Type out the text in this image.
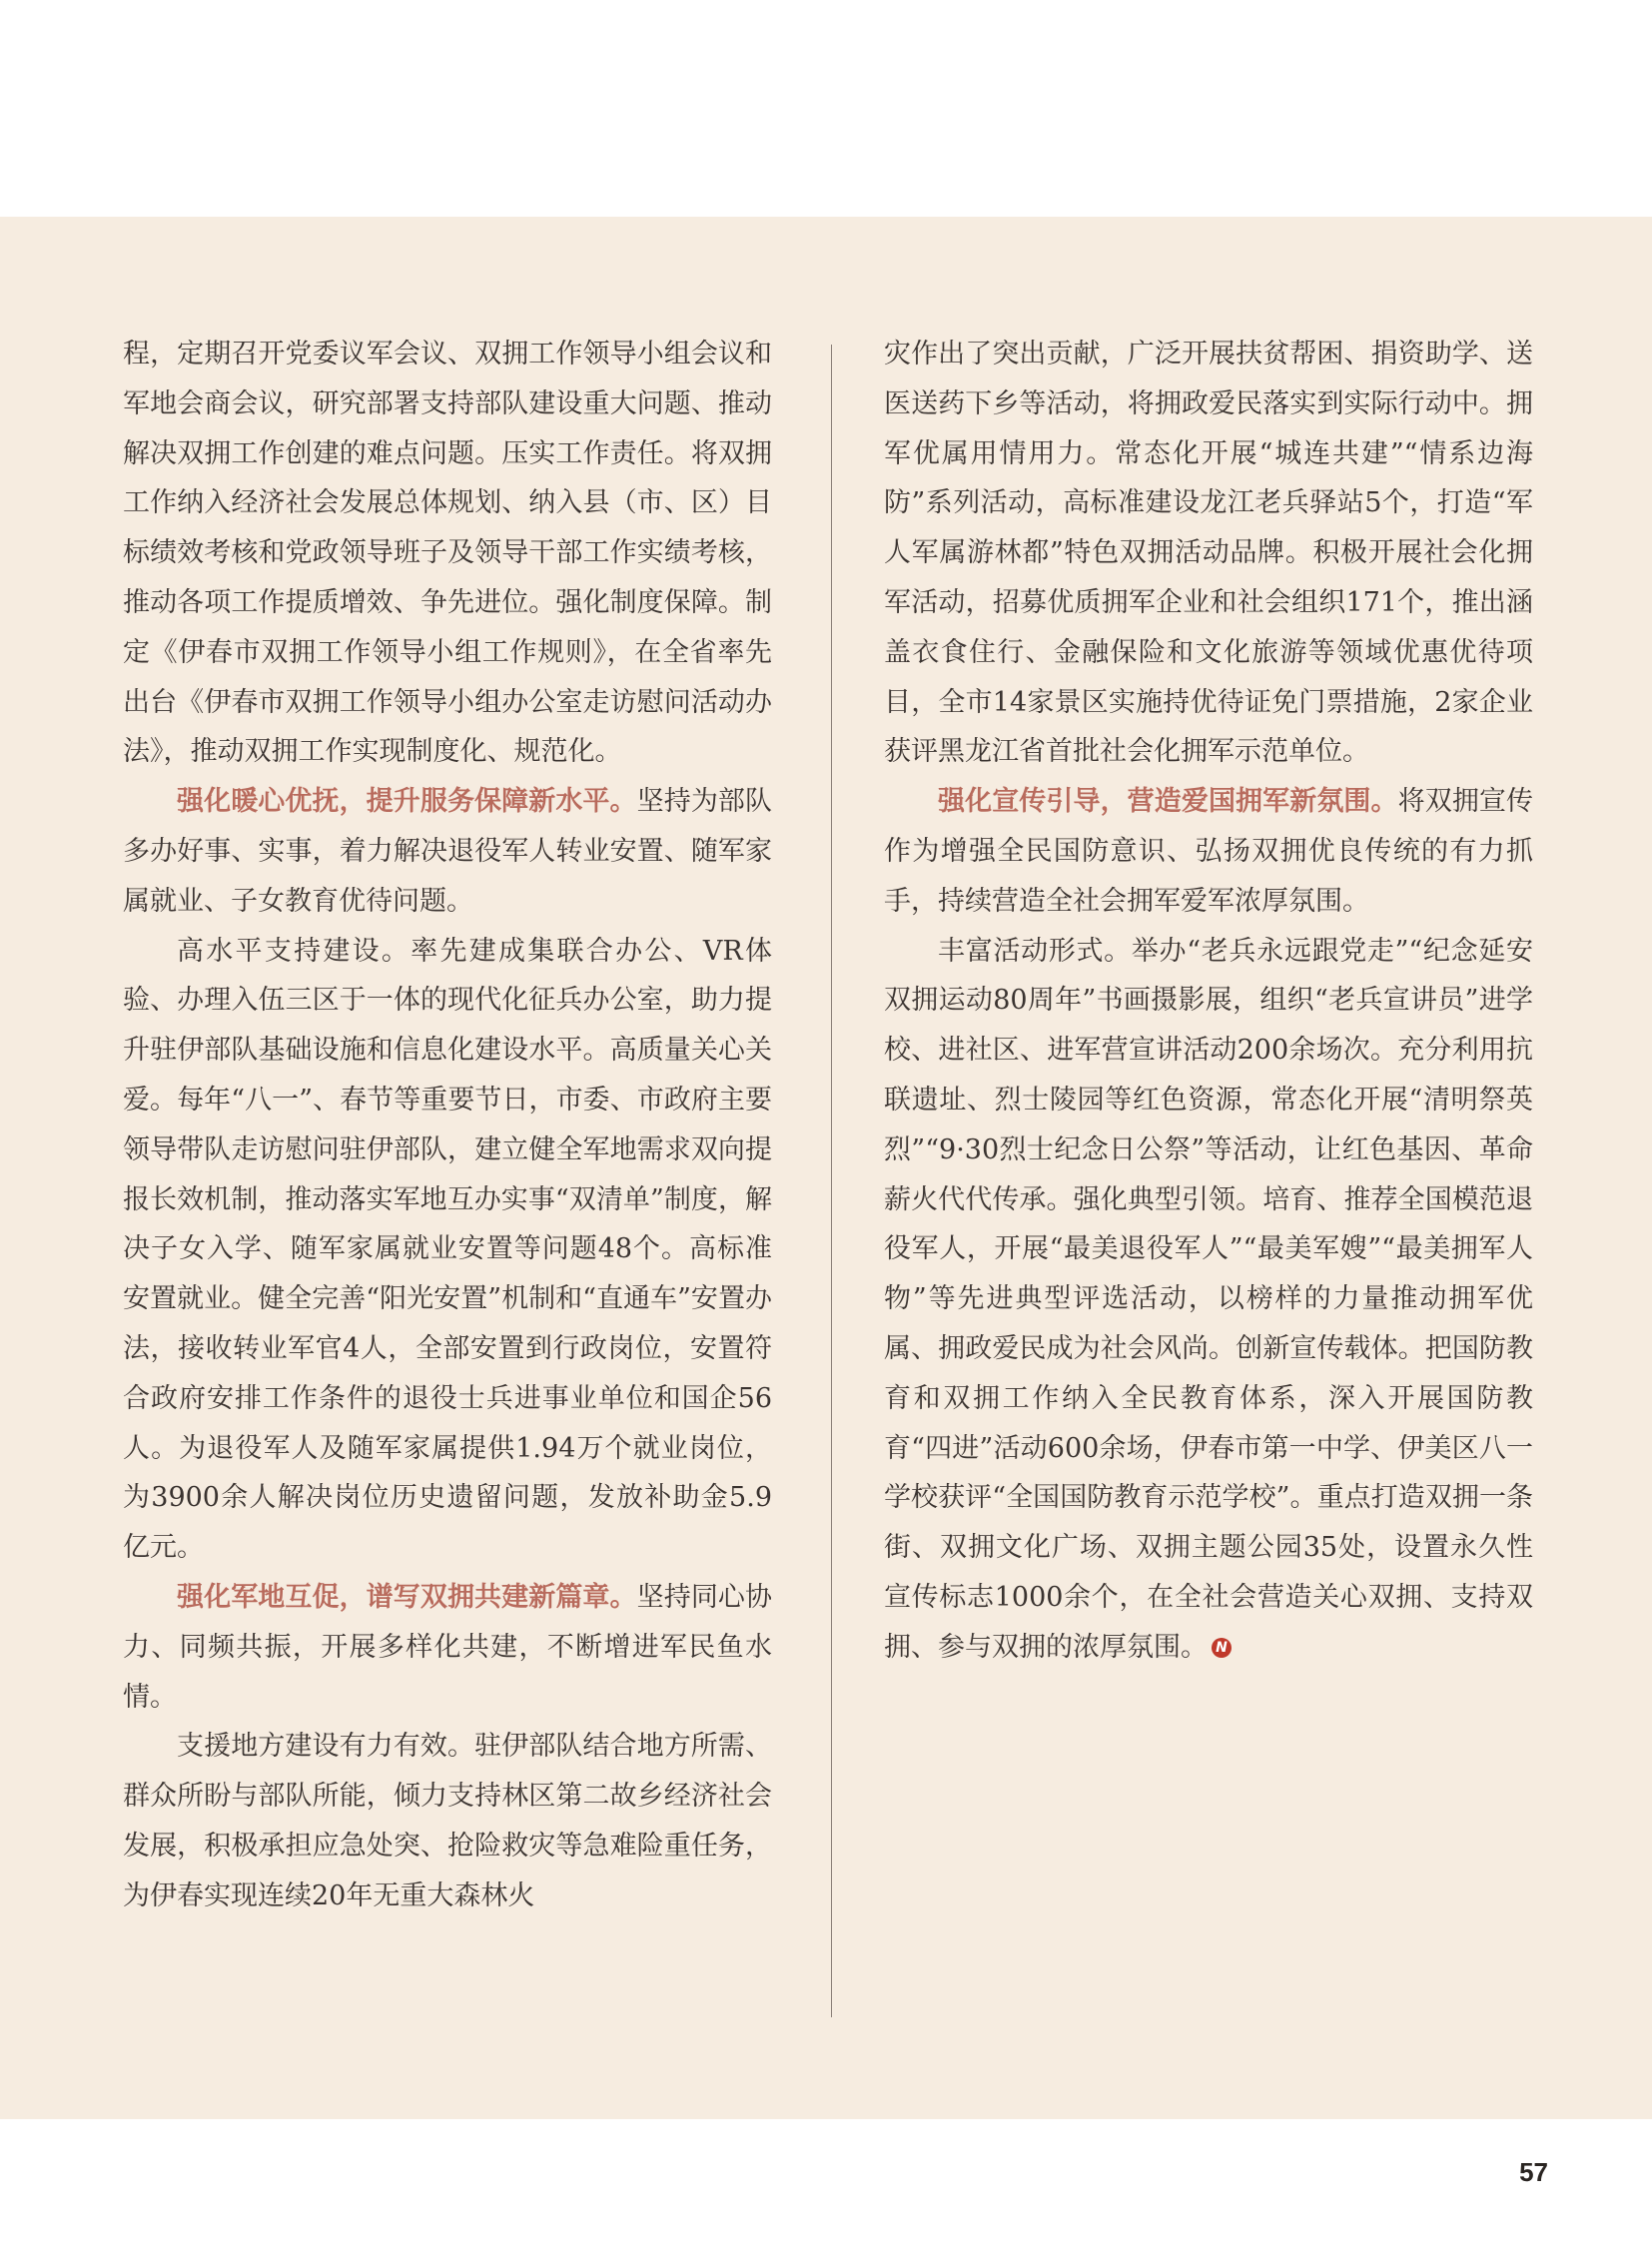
程，定期召开党委议军会议、双拥工作领导小组会议和军地会商会议，研究部署支持部队建设重大问题、推动解决双拥工作创建的难点问题。压实工作责任。将双拥工作纳入经济社会发展总体规划、纳入县（市、区）目标绩效考核和党政领导班子及领导干部工作实绩考核，推动各项工作提质增效、争先进位。强化制度保障。制定《伊春市双拥工作领导小组工作规则》，在全省率先出台《伊春市双拥工作领导小组办公室走访慰问活动办法》，推动双拥工作实现制度化、规范化。

强化暖心优抚，提升服务保障新水平。坚持为部队多办好事、实事，着力解决退役军人转业安置、随军家属就业、子女教育优待问题。

高水平支持建设。率先建成集联合办公、VR体验、办理入伍三区于一体的现代化征兵办公室，助力提升驻伊部队基础设施和信息化建设水平。高质量关心关爱。每年“八一”、春节等重要节日，市委、市政府主要领导带队走访慰问驻伊部队，建立健全军地需求双向提报长效机制，推动落实军地互办实事“双清单”制度，解决子女入学、随军家属就业安置等问题48个。高标准安置就业。健全完善“阳光安置”机制和“直通车”安置办法，接收转业军官4人，全部安置到行政岗位，安置符合政府安排工作条件的退役士兵进事业单位和国企56人。为退役军人及随军家属提供1.94万个就业岗位，为3900余人解决岗位历史遗留问题，发放补助金5.9亿元。

强化军地互促，谱写双拥共建新篇章。坚持同心协力、同频共振，开展多样化共建，不断增进军民鱼水情。

支援地方建设有力有效。驻伊部队结合地方所需、群众所盼与部队所能，倾力支持林区第二故乡经济社会发展，积极承担应急处突、抢险救灾等急难险重任务，为伊春实现连续20年无重大森林火

灾作出了突出贡献，广泛开展扶贫帮困、捐资助学、送医送药下乡等活动，将拥政爱民落实到实际行动中。拥军优属用情用力。常态化开展“城连共建”“情系边海防”系列活动，高标准建设龙江老兵驿站5个，打造“军人军属游林都”特色双拥活动品牌。积极开展社会化拥军活动，招募优质拥军企业和社会组织171个，推出涵盖衣食住行、金融保险和文化旅游等领域优惠优待项目，全市14家景区实施持优待证免门票措施，2家企业获评黑龙江省首批社会化拥军示范单位。

强化宣传引导，营造爱国拥军新氛围。将双拥宣传作为增强全民国防意识、弘扬双拥优良传统的有力抓手，持续营造全社会拥军爱军浓厚氛围。

丰富活动形式。举办“老兵永远跟党走”“纪念延安双拥运动80周年”书画摄影展，组织“老兵宣讲员”进学校、进社区、进军营宣讲活动200余场次。充分利用抗联遗址、烈士陵园等红色资源，常态化开展“清明祭英烈”“9·30烈士纪念日公祭”等活动，让红色基因、革命薪火代代传承。强化典型引领。培育、推荐全国模范退役军人，开展“最美退役军人”“最美军嫂”“最美拥军人物”等先进典型评选活动，以榜样的力量推动拥军优属、拥政爱民成为社会风尚。创新宣传载体。把国防教育和双拥工作纳入全民教育体系，深入开展国防教育“四进”活动600余场，伊春市第一中学、伊美区八一学校获评“全国国防教育示范学校”。重点打造双拥一条街、双拥文化广场、双拥主题公园35处，设置永久性宣传标志1000余个，在全社会营造关心双拥、支持双拥、参与双拥的浓厚氛围。 N

57
